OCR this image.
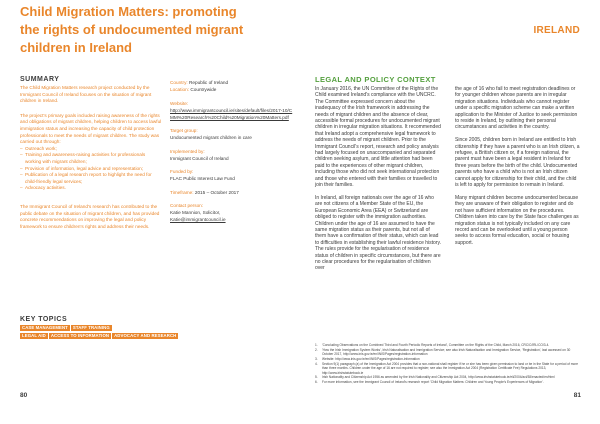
Child Migration Matters: promoting the rights of undocumented migrant children in Ireland
SUMMARY

The Child Migration Matters research project conducted by the Immigrant Council of Ireland focuses on the situation of migrant children in Ireland.

The project's primary goals included raising awareness of the rights and obligations of migrant children, helping children to access lawful immigration status and increasing the capacity of child protection professionals to meet the needs of migrant children. The study was carried out through:

– Outreach work;
– Training and awareness-raising activities for professionals working with migrant children;
– Provision of information, legal advice and representation;
– Publication of a legal research report to highlight the need for child-friendly legal services;
– Advocacy activities.

The Immigrant Council of Ireland's research has contributed to the public debate on the situation of migrant children, and has provided concrete recommendations on improving the legal and policy framework to ensure children's rights and address their needs.

Country: Republic of Ireland
Location: Countrywide
Website:
http://www.immigrantcouncil.ie/sites/default/files/2017-10/CMM%20Research%20Child%20Migration%20Matters.pdf
Target group:
Undocumented migrant children in care
Implemented by:
Immigrant Council of Ireland
Funded by:
FLAC Public Interest Law Fund
Timeframe: 2015 – October 2017
Contact person:
Katie Mannion, Solicitor,
Katie@immigrantcouncil.ie
KEY TOPICS
CASE MANAGEMENT	STAFF TRAINING
LEGAL AID	ACCESS TO INFORMATION	ADVOCACY AND RESEARCH
80
IRELAND
LEGAL AND POLICY CONTEXT

In January 2016, the UN Committee of the Rights of the Child examined Ireland's compliance with the UNCRC. The Committee expressed concern about the inadequacy of the Irish framework in addressing the needs of migrant children and the absence of clear, accessible formal procedures for undocumented migrant children in irregular migration situations. It recommended that Ireland adopt a comprehensive legal framework to address the needs of migrant children. Prior to the Immigrant Council's report, research and policy analysis had largely focused on unaccompanied and separated children seeking asylum, and little attention had been paid to the experiences of other migrant children, including those who did not seek international protection and those who entered with their families or travelled to join their families.

In Ireland, all foreign nationals over the age of 16 who are not citizens of a Member State of the EU, the European Economic Area (EEA) or Switzerland are obliged to register with the immigration authorities. Children under the age of 16 are assumed to have the same migration status as their parents, but not all of them have a confirmation of their status, which can lead to difficulties in establishing their lawful residence history. The rules provide for the regularisation of residence status of children in specific circumstances, but there are no clear procedures for the regularisation of children over

the age of 16 who fail to meet registration deadlines or for younger children whose parents are in irregular migration situations. Individuals who cannot register under a specific migration scheme can make a written application to the Minister of Justice to seek permission to reside in Ireland, by outlining their personal circumstances and activities in the country.

Since 2005, children born in Ireland are entitled to Irish citizenship if they have a parent who is an Irish citizen, a refugee, a British citizen or, if a foreign national, the parent must have been a legal resident in Ireland for three years before the birth of the child. Undocumented parents who have a child who is not an Irish citizen cannot apply for citizenship for their child, and the child is left to apply for permission to remain in Ireland.

Many migrant children become undocumented because they are unaware of their obligation to register and do not have sufficient information on the procedures. Children taken into care by the State face challenges as migration status is not typically included on any care record and can be overlooked until a young person seeks to access formal education, social or housing support.

1.	'Concluding Observations on the Combined Third and Fourth Periodic Reports of Ireland', Committee on the Rights of the Child, March 2016, CRC/C/IRL/CO/3-4.
2.	'How the Irish Immigration System Works', Irish Naturalisation and Immigration Service; see also Irish Naturalisation and Immigration Service, 'Registration', last accessed on 30 October 2017, http://www.inis.gov.ie/en/INIS/Pages/registration-information
3.	Website: http://www.inis.gov.ie/en/INIS/Pages/registration-information
4.	Section 9(1) paragraph (a) of the Immigration Act 2004 provides that a non-national shall register if he or she has been given permission to land or be in the State for a period of more than three months. Children under the age of 16 are not required to register; see also the Immigration Act 2004 (Registration Certificate Fee) Regulations 2013, http://www.irishstatutebook.ie
5.	Irish Nationality and Citizenship Act 1956 as amended by the Irish Nationality and Citizenship Act 2004, http://www.irishstatutebook.ie/eli/2004/act/38/enacted/en/html
6.	For more information, see the Immigrant Council of Ireland's research report 'Child Migration Matters: Children and Young People's Experiences of Migration'.
81
